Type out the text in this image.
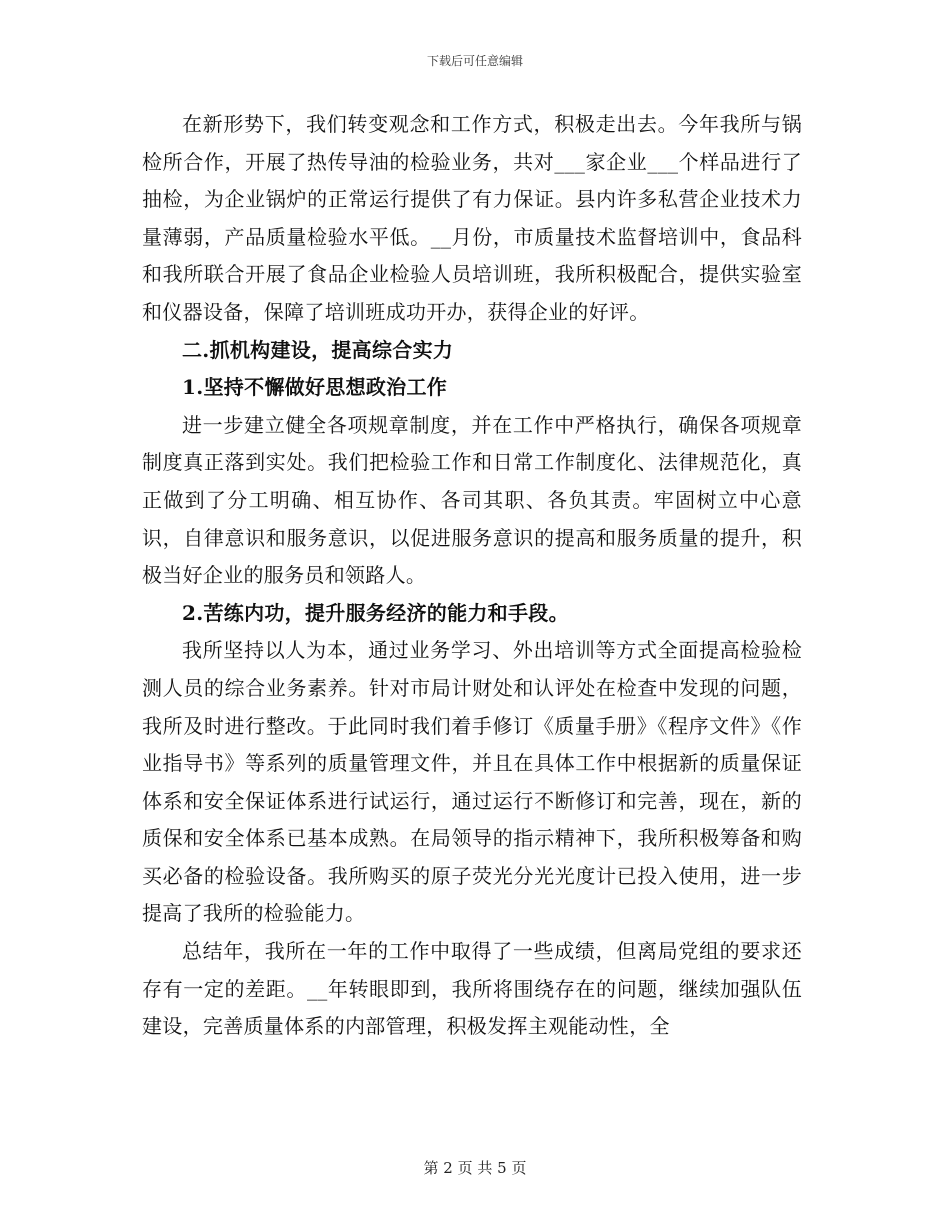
下载后可任意编辑

在新形势下，我们转变观念和工作方式，积极走出去。今年我所与锅检所合作，开展了热传导油的检验业务，共对___家企业___个样品进行了抽检，为企业锅炉的正常运行提供了有力保证。县内许多私营企业技术力量薄弱，产品质量检验水平低。__月份，市质量技术监督培训中，食品科和我所联合开展了食品企业检验人员培训班，我所积极配合，提供实验室和仪器设备，保障了培训班成功开办，获得企业的好评。

二.抓机构建设，提高综合实力

1.坚持不懈做好思想政治工作

进一步建立健全各项规章制度，并在工作中严格执行，确保各项规章制度真正落到实处。我们把检验工作和日常工作制度化、法律规范化，真正做到了分工明确、相互协作、各司其职、各负其责。牢固树立中心意识，自律意识和服务意识，以促进服务意识的提高和服务质量的提升，积极当好企业的服务员和领路人。

2.苦练内功，提升服务经济的能力和手段。

我所坚持以人为本，通过业务学习、外出培训等方式全面提高检验检测人员的综合业务素养。针对市局计财处和认评处在检查中发现的问题，我所及时进行整改。于此同时我们着手修订《质量手册》《程序文件》《作业指导书》等系列的质量管理文件，并且在具体工作中根据新的质量保证体系和安全保证体系进行试运行，通过运行不断修订和完善，现在，新的质保和安全体系已基本成熟。在局领导的指示精神下，我所积极筹备和购买必备的检验设备。我所购买的原子荧光分光光度计已投入使用，进一步提高了我所的检验能力。

总结年，我所在一年的工作中取得了一些成绩，但离局党组的要求还存有一定的差距。__年转眼即到，我所将围绕存在的问题，继续加强队伍建设，完善质量体系的内部管理，积极发挥主观能动性，全

第 2 页 共 5 页
